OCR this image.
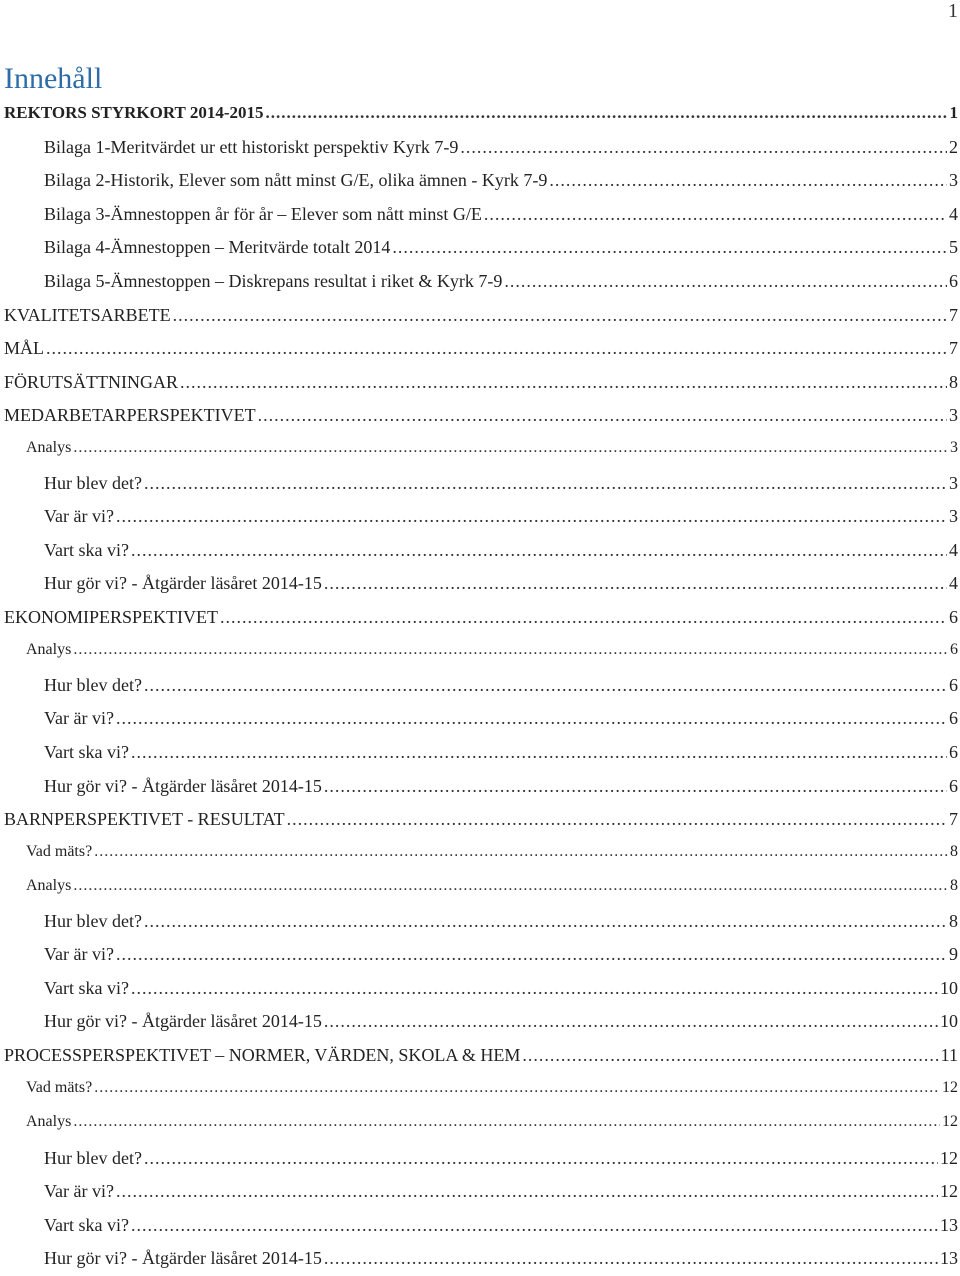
1
Innehåll
REKTORS STYRKORT 2014-2015 .....	1
Bilaga 1-Meritvärdet ur ett historiskt perspektiv Kyrk 7-9 .....	2
Bilaga 2-Historik, Elever som nått minst G/E, olika ämnen - Kyrk 7-9 .....	3
Bilaga 3-Ämnestoppen år för år – Elever som nått minst G/E .....	4
Bilaga 4-Ämnestoppen – Meritvärde totalt 2014 .....	5
Bilaga 5-Ämnestoppen – Diskrepans resultat i riket & Kyrk 7-9 .....	6
KVALITETSARBETE .....	7
MÅL .....	7
FÖRUTSÄTTNINGAR .....	8
MEDARBETARPERSPEKTIVET .....	3
Analys .....	3
Hur blev det? .....	3
Var är vi? .....	3
Vart ska vi? .....	4
Hur gör vi? - Åtgärder läsåret 2014-15 .....	4
EKONOMIPERSPEKTIVET .....	6
Analys .....	6
Hur blev det? .....	6
Var är vi? .....	6
Vart ska vi? .....	6
Hur gör vi? - Åtgärder läsåret 2014-15 .....	6
BARNPERSPEKTIVET - RESULTAT .....	7
Vad mäts? .....	8
Analys .....	8
Hur blev det? .....	8
Var är vi? .....	9
Vart ska vi? .....	10
Hur gör vi? - Åtgärder läsåret 2014-15 .....	10
PROCESSPERSPEKTIVET – NORMER, VÄRDEN, SKOLA & HEM .....	11
Vad mäts? .....	12
Analys .....	12
Hur blev det? .....	12
Var är vi? .....	12
Vart ska vi? .....	13
Hur gör vi? - Åtgärder läsåret 2014-15 .....	13
